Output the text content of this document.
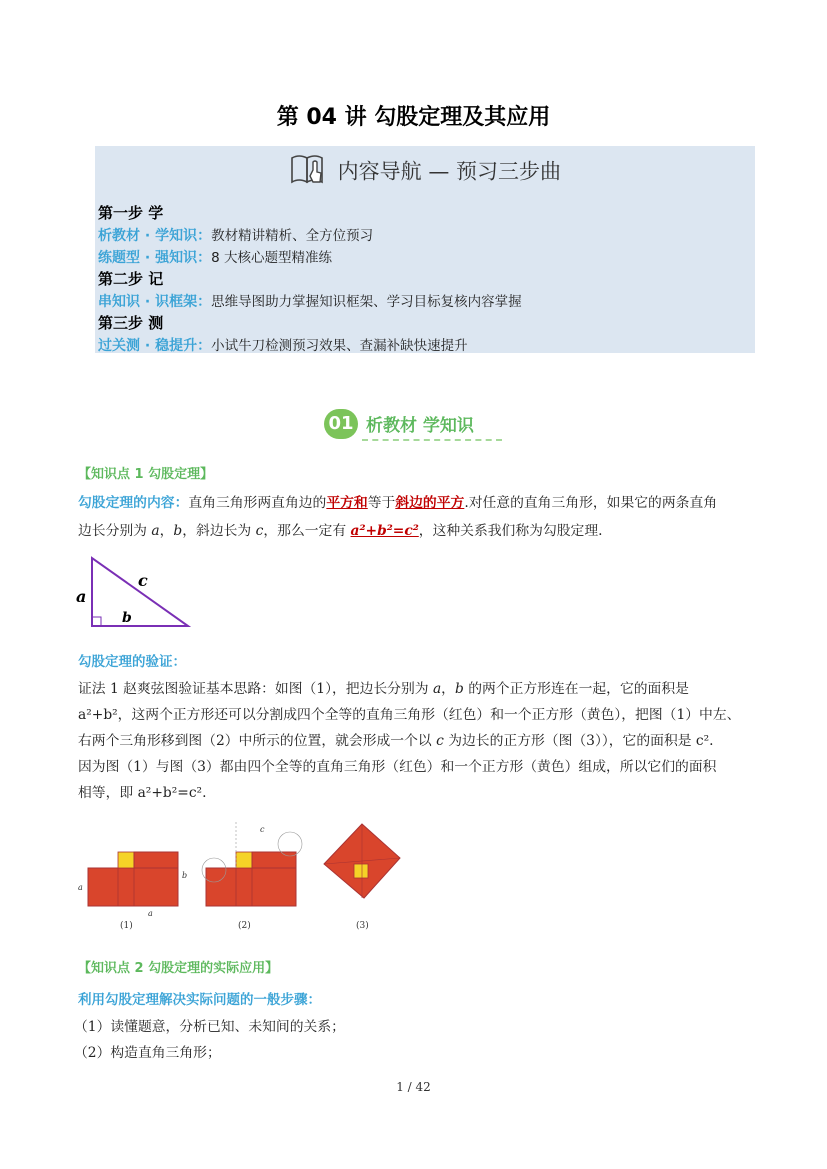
第 04 讲 勾股定理及其应用
内容导航 — 预习三步曲
第一步 学
析教材 · 学知识：教材精讲精析、全方位预习
练题型 · 强知识：8 大核心题型精准练
第二步 记
串知识 · 识框架：思维导图助力掌握知识框架、学习目标复核内容掌握
第三步 测
过关测 · 稳提升：小试牛刀检测预习效果、查漏补缺快速提升
01 析教材 学知识
【知识点 1 勾股定理】
勾股定理的内容：直角三角形两直角边的平方和等于斜边的平方.对任意的直角三角形，如果它的两条直角
边长分别为 a，b，斜边长为 c，那么一定有 a²+b²=c²，这种关系我们称为勾股定理.
a
b
c
勾股定理的验证：
证法 1 赵爽弦图验证基本思路：如图（1），把边长分别为 a，b 的两个正方形连在一起，它的面积是
a²+b²，这两个正方形还可以分割成四个全等的直角三角形（红色）和一个正方形（黄色），把图（1）中左、
右两个三角形移到图（2）中所示的位置，就会形成一个以 c 为边长的正方形（图（3）），它的面积是 c².
因为图（1）与图（3）都由四个全等的直角三角形（红色）和一个正方形（黄色）组成，所以它们的面积
相等，即 a²+b²=c².
a
b
a
(1)
c
(2)	(3)
【知识点 2 勾股定理的实际应用】
利用勾股定理解决实际问题的一般步骤：
（1）读懂题意，分析已知、未知间的关系；
（2）构造直角三角形；
1 / 42
